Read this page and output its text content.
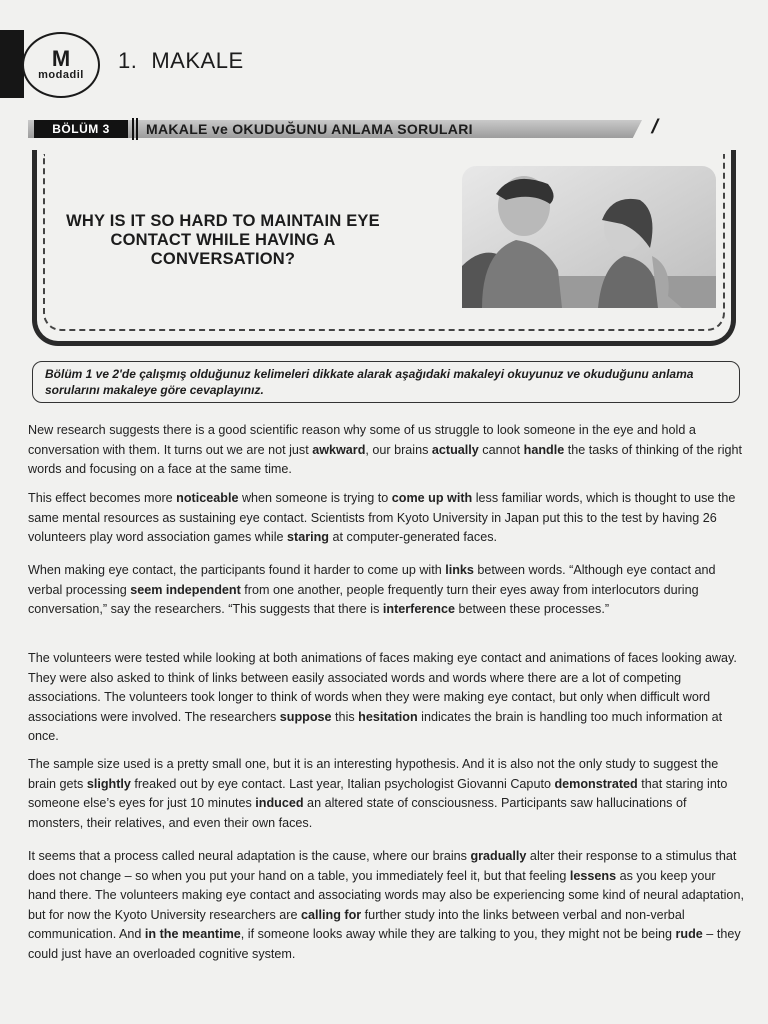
M
modadil
1. MAKALE
BÖLÜM 3	MAKALE ve OKUDUĞUNU ANLAMA SORULARI	/
WHY IS IT SO HARD TO MAINTAIN EYE CONTACT WHILE HAVING A CONVERSATION?
Bölüm 1 ve 2'de çalışmış olduğunuz kelimeleri dikkate alarak aşağıdaki makaleyi okuyunuz ve okuduğunu anlama sorularını makaleye göre cevaplayınız.

New research suggests there is a good scientific reason why some of us struggle to look someone in the eye and hold a conversation with them. It turns out we are not just awkward, our brains actually cannot handle the tasks of thinking of the right words and focusing on a face at the same time.

This effect becomes more noticeable when someone is trying to come up with less familiar words, which is thought to use the same mental resources as sustaining eye contact. Scientists from Kyoto University in Japan put this to the test by having 26 volunteers play word association games while staring at computer-generated faces.

When making eye contact, the participants found it harder to come up with links between words. “Although eye contact and verbal processing seem independent from one another, people frequently turn their eyes away from interlocutors during conversation,” say the researchers. “This suggests that there is interference between these processes.”

The volunteers were tested while looking at both animations of faces making eye contact and animations of faces looking away. They were also asked to think of links between easily associated words and words where there are a lot of competing associations. The volunteers took longer to think of words when they were making eye contact, but only when difficult word associations were involved. The researchers suppose this hesitation indicates the brain is handling too much information at once.

The sample size used is a pretty small one, but it is an interesting hypothesis. And it is also not the only study to suggest the brain gets slightly freaked out by eye contact. Last year, Italian psychologist Giovanni Caputo demonstrated that staring into someone else’s eyes for just 10 minutes induced an altered state of consciousness. Participants saw hallucinations of monsters, their relatives, and even their own faces.

It seems that a process called neural adaptation is the cause, where our brains gradually alter their response to a stimulus that does not change – so when you put your hand on a table, you immediately feel it, but that feeling lessens as you keep your hand there. The volunteers making eye contact and associating words may also be experiencing some kind of neural adaptation, but for now the Kyoto University researchers are calling for further study into the links between verbal and non-verbal communication. And in the meantime, if someone looks away while they are talking to you, they might not be being rude – they could just have an overloaded cognitive system.
